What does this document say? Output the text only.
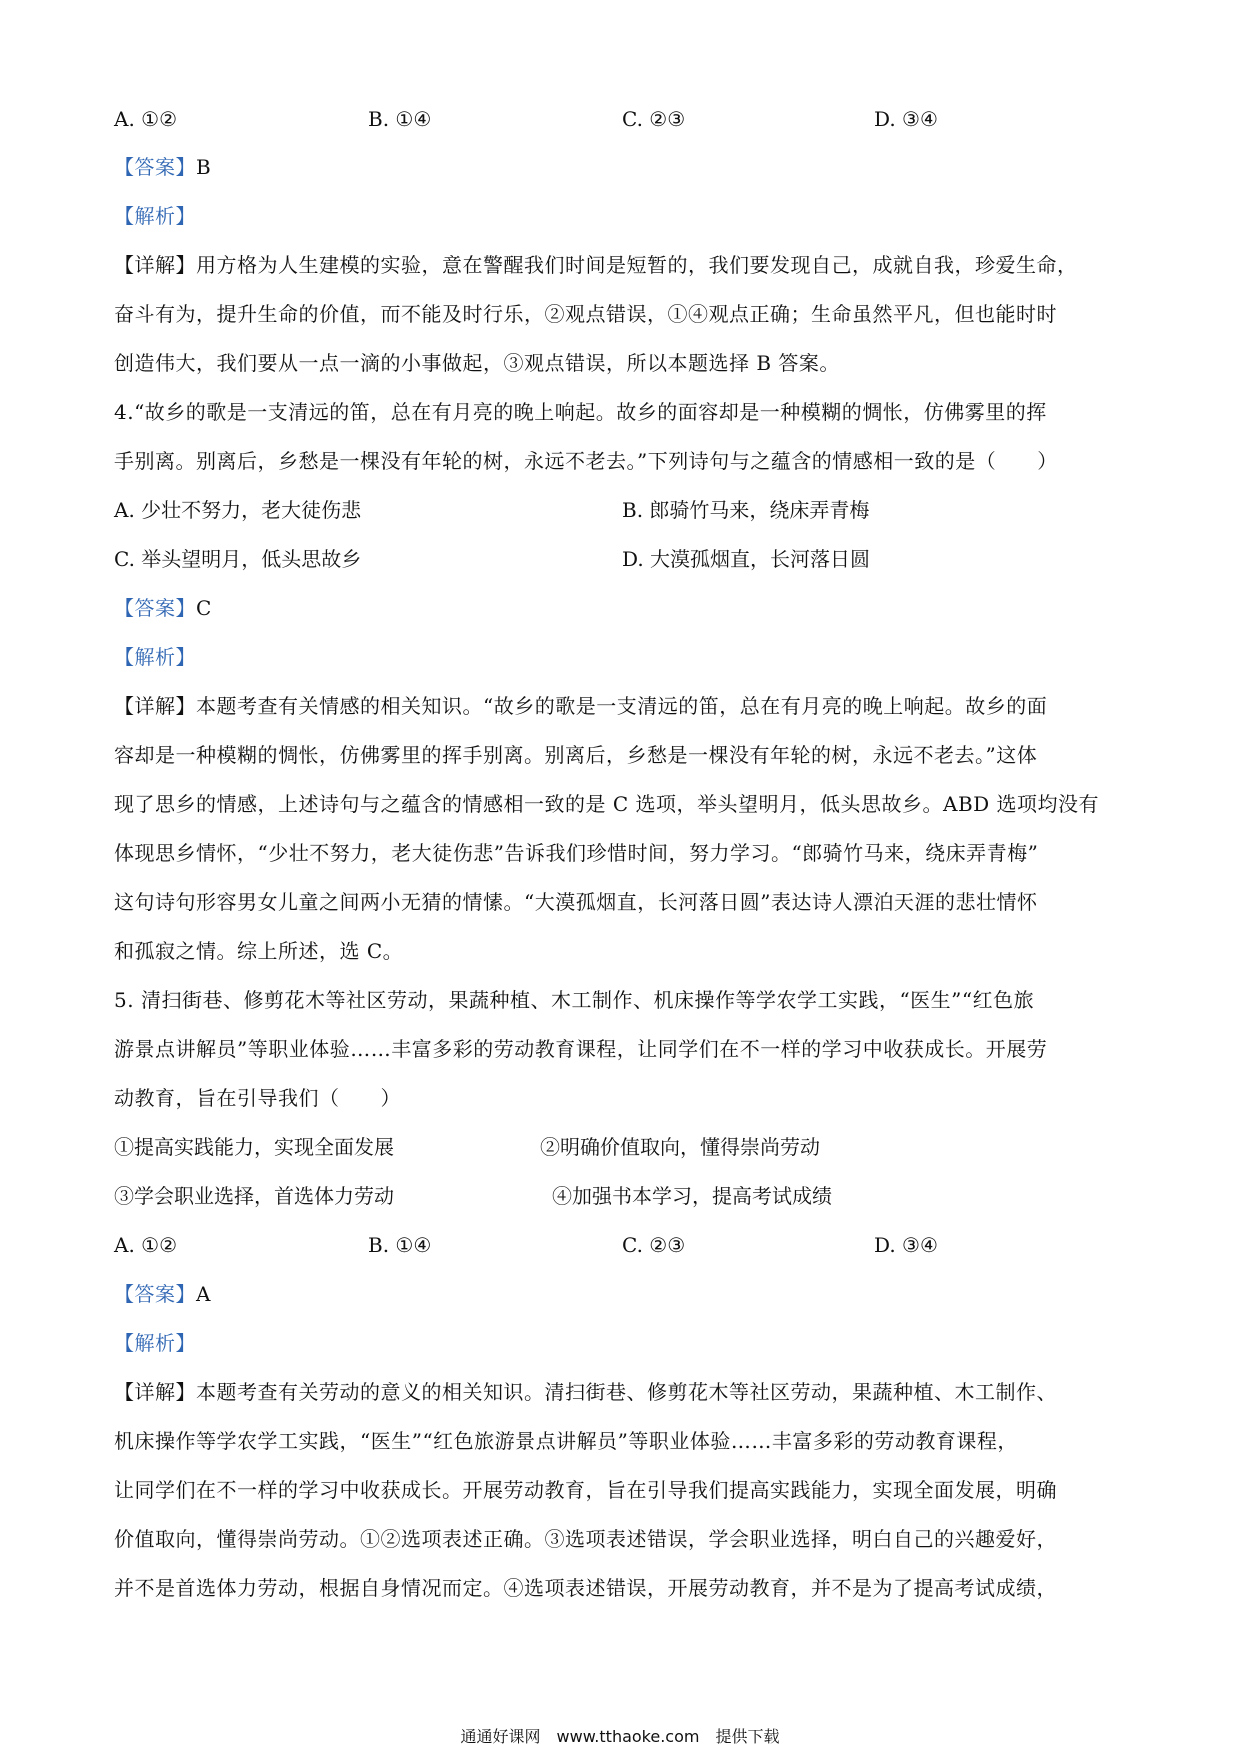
A. ①②	B. ①④	C. ②③	D. ③④
【答案】B
【解析】
【详解】用方格为人生建模的实验，意在警醒我们时间是短暂的，我们要发现自己，成就自我，珍爱生命，
奋斗有为，提升生命的价值，而不能及时行乐，②观点错误，①④观点正确；生命虽然平凡，但也能时时
创造伟大，我们要从一点一滴的小事做起，③观点错误，所以本题选择 B 答案。
4.“故乡的歌是一支清远的笛，总在有月亮的晚上响起。故乡的面容却是一种模糊的惆怅，仿佛雾里的挥
手别离。别离后，乡愁是一棵没有年轮的树，永远不老去。”下列诗句与之蕴含的情感相一致的是（　　）
A. 少壮不努力，老大徒伤悲	B. 郎骑竹马来，绕床弄青梅
C. 举头望明月，低头思故乡	D. 大漠孤烟直，长河落日圆
【答案】C
【解析】
【详解】本题考查有关情感的相关知识。“故乡的歌是一支清远的笛，总在有月亮的晚上响起。故乡的面
容却是一种模糊的惆怅，仿佛雾里的挥手别离。别离后，乡愁是一棵没有年轮的树，永远不老去。”这体
现了思乡的情感，上述诗句与之蕴含的情感相一致的是 C 选项，举头望明月，低头思故乡。ABD 选项均没有
体现思乡情怀，“少壮不努力，老大徒伤悲”告诉我们珍惜时间，努力学习。“郎骑竹马来，绕床弄青梅”
这句诗句形容男女儿童之间两小无猜的情愫。“大漠孤烟直，长河落日圆”表达诗人漂泊天涯的悲壮情怀
和孤寂之情。综上所述，选 C。
5. 清扫街巷、修剪花木等社区劳动，果蔬种植、木工制作、机床操作等学农学工实践，“医生”“红色旅
游景点讲解员”等职业体验……丰富多彩的劳动教育课程，让同学们在不一样的学习中收获成长。开展劳
动教育，旨在引导我们（　　）
①提高实践能力，实现全面发展	②明确价值取向，懂得崇尚劳动
③学会职业选择，首选体力劳动	④加强书本学习，提高考试成绩
A. ①②	B. ①④	C. ②③	D. ③④
【答案】A
【解析】
【详解】本题考查有关劳动的意义的相关知识。清扫街巷、修剪花木等社区劳动，果蔬种植、木工制作、
机床操作等学农学工实践，“医生”“红色旅游景点讲解员”等职业体验……丰富多彩的劳动教育课程，
让同学们在不一样的学习中收获成长。开展劳动教育，旨在引导我们提高实践能力，实现全面发展，明确
价值取向，懂得崇尚劳动。①②选项表述正确。③选项表述错误，学会职业选择，明白自己的兴趣爱好，
并不是首选体力劳动，根据自身情况而定。④选项表述错误，开展劳动教育，并不是为了提高考试成绩，
通通好课网　www.tthaoke.com　提供下载
